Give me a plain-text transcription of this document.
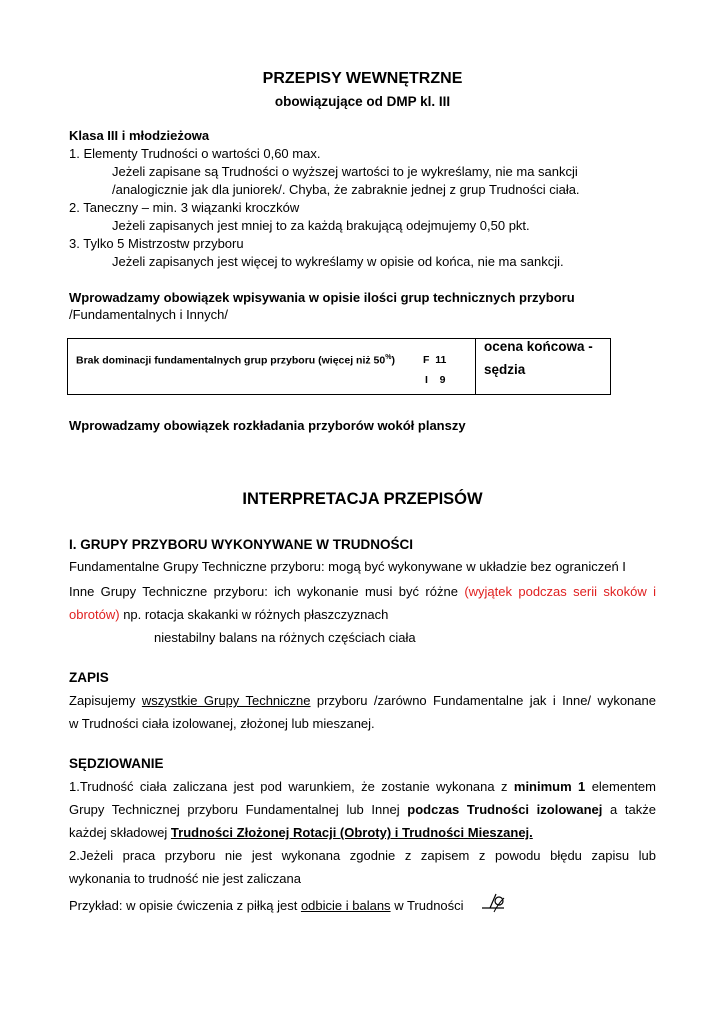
PRZEPISY WEWNĘTRZNE
obowiązujące od DMP kl. III
Klasa III i młodzieżowa
1. Elementy Trudności o wartości 0,60 max.
Jeżeli zapisane są Trudności o wyższej wartości to je wykreślamy, nie ma sankcji
/analogicznie jak dla juniorek/. Chyba, że zabraknie jednej z grup Trudności ciała.
2. Taneczny – min. 3 wiązanki kroczków
Jeżeli zapisanych jest mniej to za każdą brakującą odejmujemy 0,50 pkt.
3. Tylko 5 Mistrzostw przyboru
Jeżeli zapisanych jest więcej to wykreślamy w opisie od końca, nie ma sankcji.
Wprowadzamy obowiązek wpisywania w opisie ilości grup technicznych przyboru
/Fundamentalnych i Innych/
Brak dominacji fundamentalnych grup przyboru (więcej niż 50%)	F 11
I 9
ocena końcowa -
sędzia
Wprowadzamy obowiązek rozkładania przyborów wokół planszy
INTERPRETACJA PRZEPISÓW
I. GRUPY PRZYBORU WYKONYWANE W TRUDNOŚCI
Fundamentalne Grupy Techniczne przyboru: mogą być wykonywane w układzie bez ograniczeń I
Inne Grupy Techniczne przyboru: ich wykonanie musi być różne (wyjątek podczas serii skoków i
obrotów) np. rotacja skakanki w różnych płaszczyznach
niestabilny balans na różnych częściach ciała
ZAPIS
Zapisujemy wszystkie Grupy Techniczne przyboru /zarówno Fundamentalne jak i Inne/ wykonane
w Trudności ciała izolowanej, złożonej lub mieszanej.
SĘDZIOWANIE
1.Trudność ciała zaliczana jest pod warunkiem, że zostanie wykonana z minimum 1 elementem
Grupy Technicznej przyboru Fundamentalnej lub Innej podczas Trudności izolowanej a także
każdej składowej Trudności Złożonej Rotacji (Obroty) i Trudności Mieszanej.
2.Jeżeli praca przyboru nie jest wykonana zgodnie z zapisem z powodu błędu zapisu lub
wykonania to trudność nie jest zaliczana
Przykład: w opisie ćwiczenia z piłką jest odbicie i balans w Trudności
